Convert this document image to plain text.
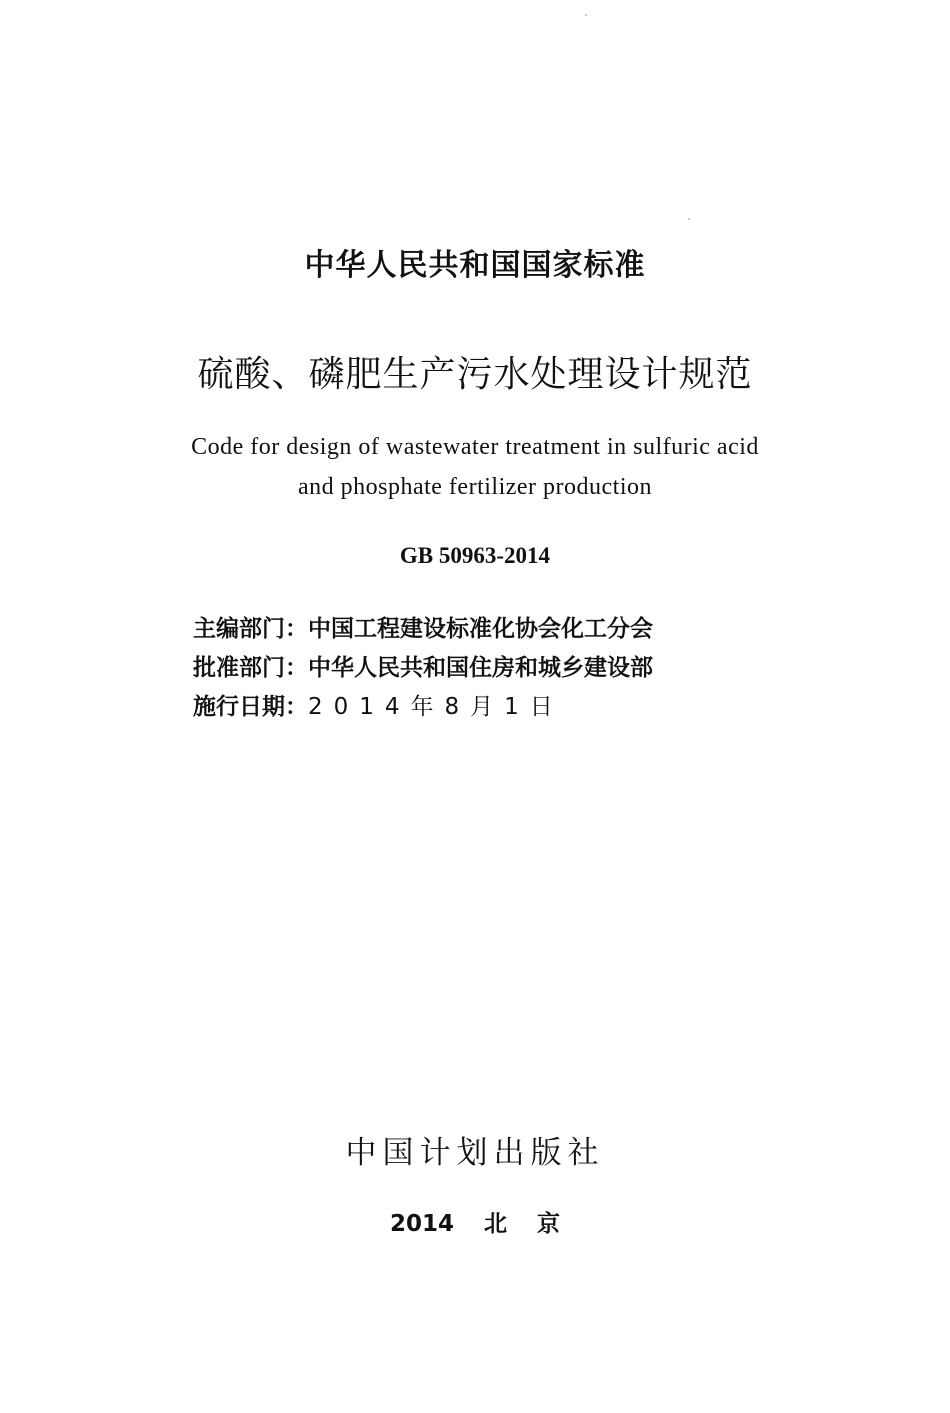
中华人民共和国国家标准
硫酸、磷肥生产污水处理设计规范
Code for design of wastewater treatment in sulfuric acid
and phosphate fertilizer production
GB 50963-2014
主编部门：中国工程建设标准化协会化工分会
批准部门：中华人民共和国住房和城乡建设部
施行日期：2014年8月1日
中国计划出版社
2014 北 京
